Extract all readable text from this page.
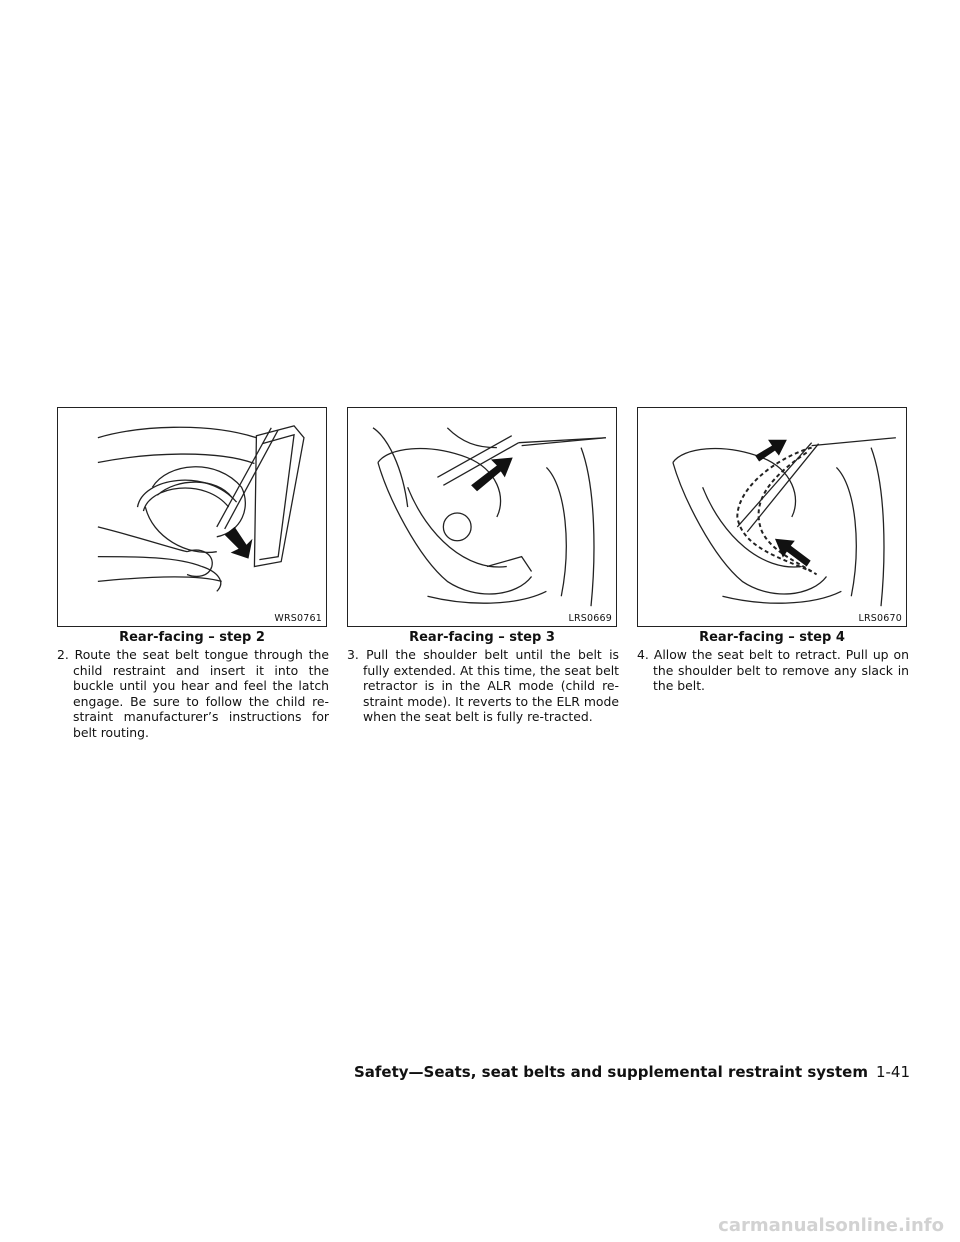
WRS0761	LRS0669	LRS0670
Rear-facing – step 2	Rear-facing – step 3	Rear-facing – step 4
2. Route the seat belt tongue through the child restraint and insert it into the buckle until you hear and feel the latch engage. Be sure to follow the child re-straint manufacturer’s instructions for belt routing.
3. Pull the shoulder belt until the belt is fully extended. At this time, the seat belt retractor is in the ALR mode (child re-straint mode). It reverts to the ELR mode when the seat belt is fully re-tracted.
4. Allow the seat belt to retract. Pull up on the shoulder belt to remove any slack in the belt.
Safety—Seats, seat belts and supplemental restraint system 1-41
carmanualsonline.info
